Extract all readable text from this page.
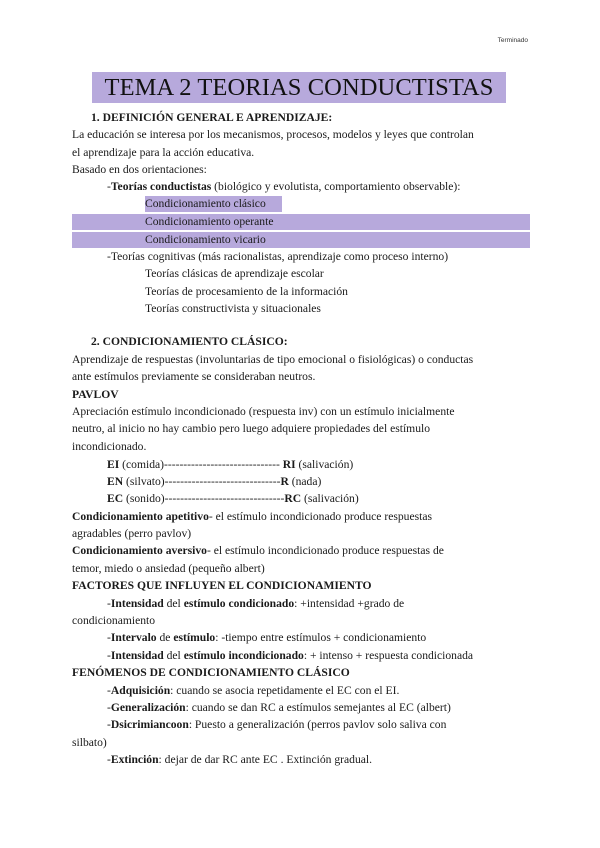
Terminado
TEMA 2 TEORIAS CONDUCTISTAS
1. DEFINICIÓN GENERAL E APRENDIZAJE:
La educación se interesa por los mecanismos, procesos, modelos y leyes que controlan
el aprendizaje para la acción educativa.
Basado en dos orientaciones:
-Teorías conductistas (biológico y evolutista, comportamiento observable):
Condicionamiento clásico
Condicionamiento operante
Condicionamiento vicario
-Teorías cognitivas (más racionalistas, aprendizaje como proceso interno)
Teorías clásicas de aprendizaje escolar
Teorías de procesamiento de la información
Teorías constructivista y situacionales
2. CONDICIONAMIENTO CLÁSICO:
Aprendizaje de respuestas (involuntarias de tipo emocional o fisiológicas) o conductas
ante estímulos previamente se consideraban neutros.
PAVLOV
Apreciación estímulo incondicionado (respuesta inv) con un estímulo inicialmente
neutro, al inicio no hay cambio pero luego adquiere propiedades del estímulo
incondicionado.
EI (comida)------------------------------ RI (salivación)
EN (silvato)------------------------------R (nada)
EC (sonido)-------------------------------RC (salivación)
Condicionamiento apetitivo- el estímulo incondicionado produce respuestas
agradables (perro pavlov)
Condicionamiento aversivo- el estímulo incondicionado produce respuestas de
temor, miedo o ansiedad (pequeño albert)
FACTORES QUE INFLUYEN EL CONDICIONAMIENTO
-Intensidad del estímulo condicionado: +intensidad +grado de
condicionamiento
-Intervalo de estímulo: -tiempo entre estímulos + condicionamiento
-Intensidad del estímulo incondicionado: + intenso + respuesta condicionada
FENÓMENOS DE CONDICIONAMIENTO CLÁSICO
-Adquisición: cuando se asocia repetidamente el EC con el EI.
-Generalización: cuando se dan RC a estímulos semejantes al EC (albert)
-Dsicrimiancoon: Puesto a generalización (perros pavlov solo saliva con
silbato)
-Extinción: dejar de dar RC ante EC . Extinción gradual.
